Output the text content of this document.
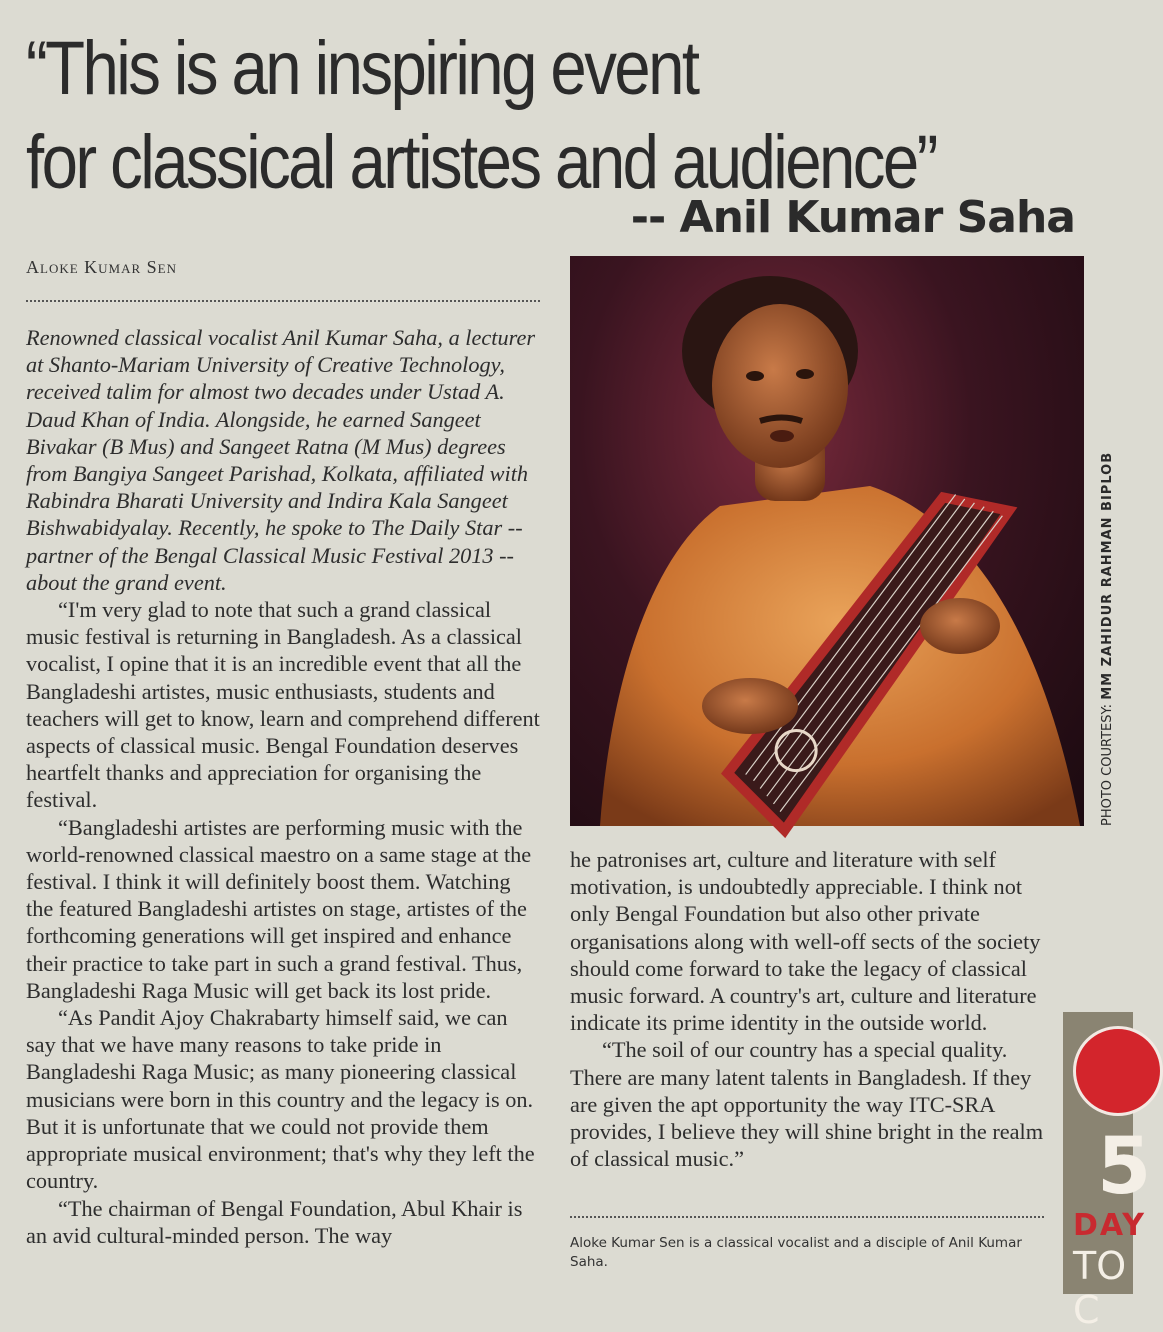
“This is an inspiring event
for classical artistes and audience”
-- Anil Kumar Saha
Aloke Kumar Sen

Renowned classical vocalist Anil Kumar Saha, a lecturer at Shanto-Mariam University of Creative Technology, received talim for almost two decades under Ustad A. Daud Khan of India. Alongside, he earned Sangeet Bivakar (B Mus) and Sangeet Ratna (M Mus) degrees from Bangiya Sangeet Parishad, Kolkata, affiliated with Rabindra Bharati University and Indira Kala Sangeet Bishwabidyalay. Recently, he spoke to The Daily Star -- partner of the Bengal Classical Music Festival 2013 -- about the grand event.

“I'm very glad to note that such a grand classical music festival is returning in Bangladesh. As a classical vocalist, I opine that it is an incredible event that all the Bangladeshi artistes, music enthusiasts, students and teachers will get to know, learn and comprehend different aspects of classical music. Bengal Foundation deserves heartfelt thanks and appreciation for organising the festival.

“Bangladeshi artistes are performing music with the world-renowned classical maestro on a same stage at the festival. I think it will definitely boost them. Watching the featured Bangladeshi artistes on stage, artistes of the forthcoming generations will get inspired and enhance their practice to take part in such a grand festival. Thus, Bangladeshi Raga Music will get back its lost pride.

“As Pandit Ajoy Chakrabarty himself said, we can say that we have many reasons to take pride in Bangladeshi Raga Music; as many pioneering classical musicians were born in this country and the legacy is on. But it is unfortunate that we could not provide them appropriate musical environment; that's why they left the country.

“The chairman of Bengal Foundation, Abul Khair is an avid cultural-minded person. The way

PHOTO COURTESY: MM ZAHIDUR RAHMAN BIPLOB

he patronises art, culture and literature with self motivation, is undoubtedly appreciable. I think not only Bengal Foundation but also other private organisations along with well-off sects of the society should come forward to take the legacy of classical music forward. A country's art, culture and literature indicate its prime identity in the outside world.

“The soil of our country has a special quality. There are many latent talents in Bangladesh. If they are given the apt opportunity the way ITC-SRA provides, I believe they will shine bright in the realm of classical music.”

Aloke Kumar Sen is a classical vocalist and a disciple of Anil Kumar Saha.
5
DAY
TO C
